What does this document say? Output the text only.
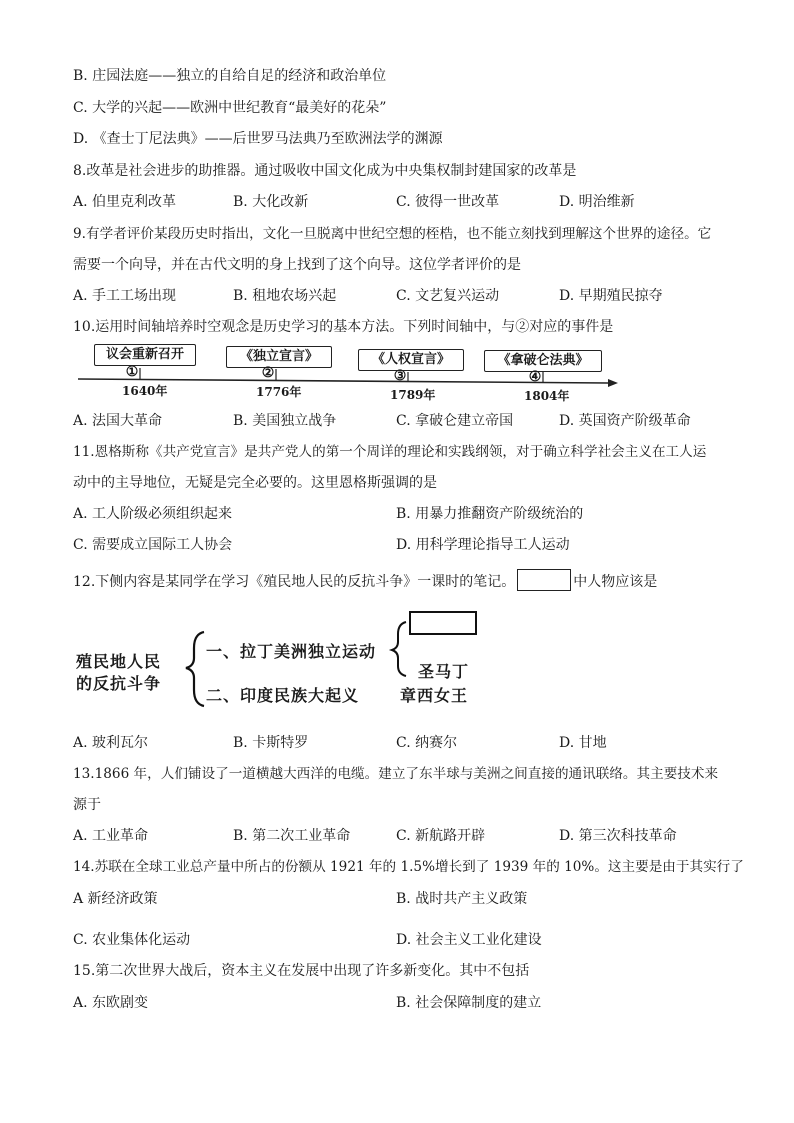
B. 庄园法庭——独立的自给自足的经济和政治单位
C. 大学的兴起——欧洲中世纪教育“最美好的花朵”
D. 《查士丁尼法典》——后世罗马法典乃至欧洲法学的渊源
8.改革是社会进步的助推器。通过吸收中国文化成为中央集权制封建国家的改革是
A. 伯里克利改革	B. 大化改新	C. 彼得一世改革	D. 明治维新
9.有学者评价某段历史时指出，文化一旦脱离中世纪空想的桎梏，也不能立刻找到理解这个世界的途径。它
需要一个向导，并在古代文明的身上找到了这个向导。这位学者评价的是
A. 手工工场出现	B. 租地农场兴起	C. 文艺复兴运动	D. 早期殖民掠夺
10.运用时间轴培养时空观念是历史学习的基本方法。下列时间轴中，与②对应的事件是
议会重新召开	《独立宣言》	《人权宣言》	《拿破仑法典》
①	②	③	④
1640年	1776年	1789年	1804年
A. 法国大革命	B. 美国独立战争	C. 拿破仑建立帝国	D. 英国资产阶级革命
11.恩格斯称《共产党宣言》是共产党人的第一个周详的理论和实践纲领，对于确立科学社会主义在工人运
动中的主导地位，无疑是完全必要的。这里恩格斯强调的是
A. 工人阶级必须组织起来	B. 用暴力推翻资产阶级统治的
C. 需要成立国际工人协会	D. 用科学理论指导工人运动
12.下侧内容是某同学在学习《殖民地人民的反抗斗争》一课时的笔记。	中人物应该是
殖民地人民
的反抗斗争
一、拉丁美洲独立运动
二、印度民族大起义
圣马丁
章西女王
A. 玻利瓦尔	B. 卡斯特罗	C. 纳赛尔	D. 甘地
13.1866 年，人们铺设了一道横越大西洋的电缆。建立了东半球与美洲之间直接的通讯联络。其主要技术来
源于
A. 工业革命	B. 第二次工业革命	C. 新航路开辟	D. 第三次科技革命
14.苏联在全球工业总产量中所占的份额从 1921 年的 1.5%增长到了 1939 年的 10%。这主要是由于其实行了
A 新经济政策	B. 战时共产主义政策
C. 农业集体化运动	D. 社会主义工业化建设
15.第二次世界大战后，资本主义在发展中出现了许多新变化。其中不包括
A. 东欧剧变	B. 社会保障制度的建立
